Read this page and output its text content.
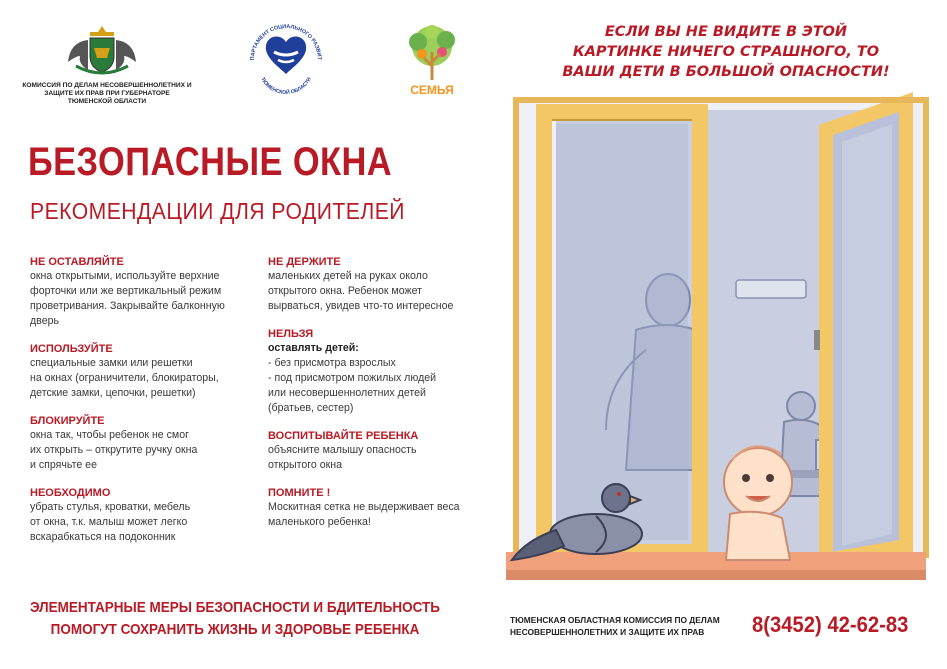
КОМИССИЯ ПО ДЕЛАМ НЕСОВЕРШЕННОЛЕТНИХ И ЗАЩИТЕ ИХ ПРАВ ПРИ ГУБЕРНАТОРЕ ТЮМЕНСКОЙ ОБЛАСТИ
ПАРТАМЕНТ СОЦИАЛЬНОГО РАЗВИТ
ТЮМЕНСКОЙ ОБЛАСТИ
СЕМЬЯ
БЕЗОПАСНЫЕ ОКНА
РЕКОМЕНДАЦИИ ДЛЯ РОДИТЕЛЕЙ
НЕ ОСТАВЛЯЙТЕ
окна открытыми, используйте верхние
форточки или же вертикальный режим
проветривания. Закрывайте балконную
дверь
ИСПОЛЬЗУЙТЕ
специальные замки или решетки
на окнах (ограничители, блокираторы,
детские замки, цепочки, решетки)
БЛОКИРУЙТЕ
окна так, чтобы ребенок не смог
их открыть – открутите ручку окна
и спрячьте ее
НЕОБХОДИМО
убрать стулья, кроватки, мебель
от окна, т.к. малыш может легко
вскарабкаться на подоконник
НЕ ДЕРЖИТЕ
маленьких детей на руках около
открытого окна. Ребенок может
вырваться, увидев что-то интересное
НЕЛЬЗЯ
оставлять детей:
- без присмотра взрослых
- под присмотром пожилых людей
или несовершеннолетних детей
(братьев, сестер)
ВОСПИТЫВАЙТЕ РЕБЕНКА
объясните малышу опасность
открытого окна
ПОМНИТЕ !
Москитная сетка не выдерживает веса
маленького ребенка!
ЭЛЕМЕНТАРНЫЕ МЕРЫ БЕЗОПАСНОСТИ И БДИТЕЛЬНОСТЬ
ПОМОГУТ СОХРАНИТЬ ЖИЗНЬ И ЗДОРОВЬЕ РЕБЕНКА
ЕСЛИ ВЫ НЕ ВИДИТЕ В ЭТОЙ
КАРТИНКЕ НИЧЕГО СТРАШНОГО, ТО
ВАШИ ДЕТИ В БОЛЬШОЙ ОПАСНОСТИ!
ТЮМЕНСКАЯ ОБЛАСТНАЯ КОМИССИЯ ПО ДЕЛАМ
НЕСОВЕРШЕННОЛЕТНИХ И ЗАЩИТЕ ИХ ПРАВ	8(3452) 42-62-83
